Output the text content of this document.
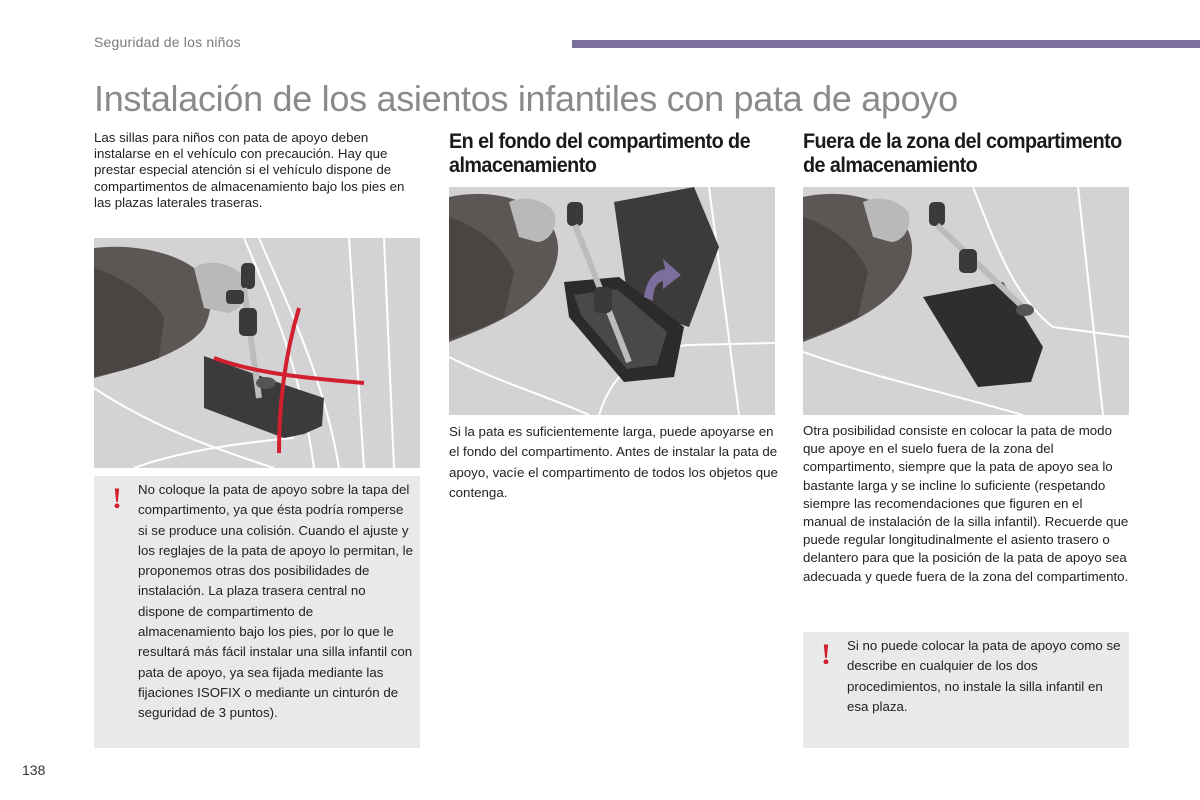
Seguridad de los niños
Instalación de los asientos infantiles con pata de apoyo

Las sillas para niños con pata de apoyo deben instalarse en el vehículo con precaución. Hay que prestar especial atención si el vehículo dispone de compartimentos de almacenamiento bajo los pies en las plazas laterales traseras.

En el fondo del compartimento de almacenamiento
Fuera de la zona del compartimento de almacenamiento

Si la pata es suficientemente larga, puede apoyarse en el fondo del compartimento. Antes de instalar la pata de apoyo, vacíe el compartimento de todos los objetos que contenga.

Otra posibilidad consiste en colocar la pata de modo que apoye en el suelo fuera de la zona del compartimento, siempre que la pata de apoyo sea lo bastante larga y se incline lo suficiente (respetando siempre las recomendaciones que figuren en el manual de instalación de la silla infantil). Recuerde que puede regular longitudinalmente el asiento trasero o delantero para que la posición de la pata de apoyo sea adecuada y quede fuera de la zona del compartimento.

! No coloque la pata de apoyo sobre la tapa del compartimento, ya que ésta podría romperse si se produce una colisión. Cuando el ajuste y los reglajes de la pata de apoyo lo permitan, le proponemos otras dos posibilidades de instalación. La plaza trasera central no dispone de compartimento de almacenamiento bajo los pies, por lo que le resultará más fácil instalar una silla infantil con pata de apoyo, ya sea fijada mediante las fijaciones ISOFIX o mediante un cinturón de seguridad de 3 puntos).

! Si no puede colocar la pata de apoyo como se describe en cualquier de los dos procedimientos, no instale la silla infantil en esa plaza.

138
